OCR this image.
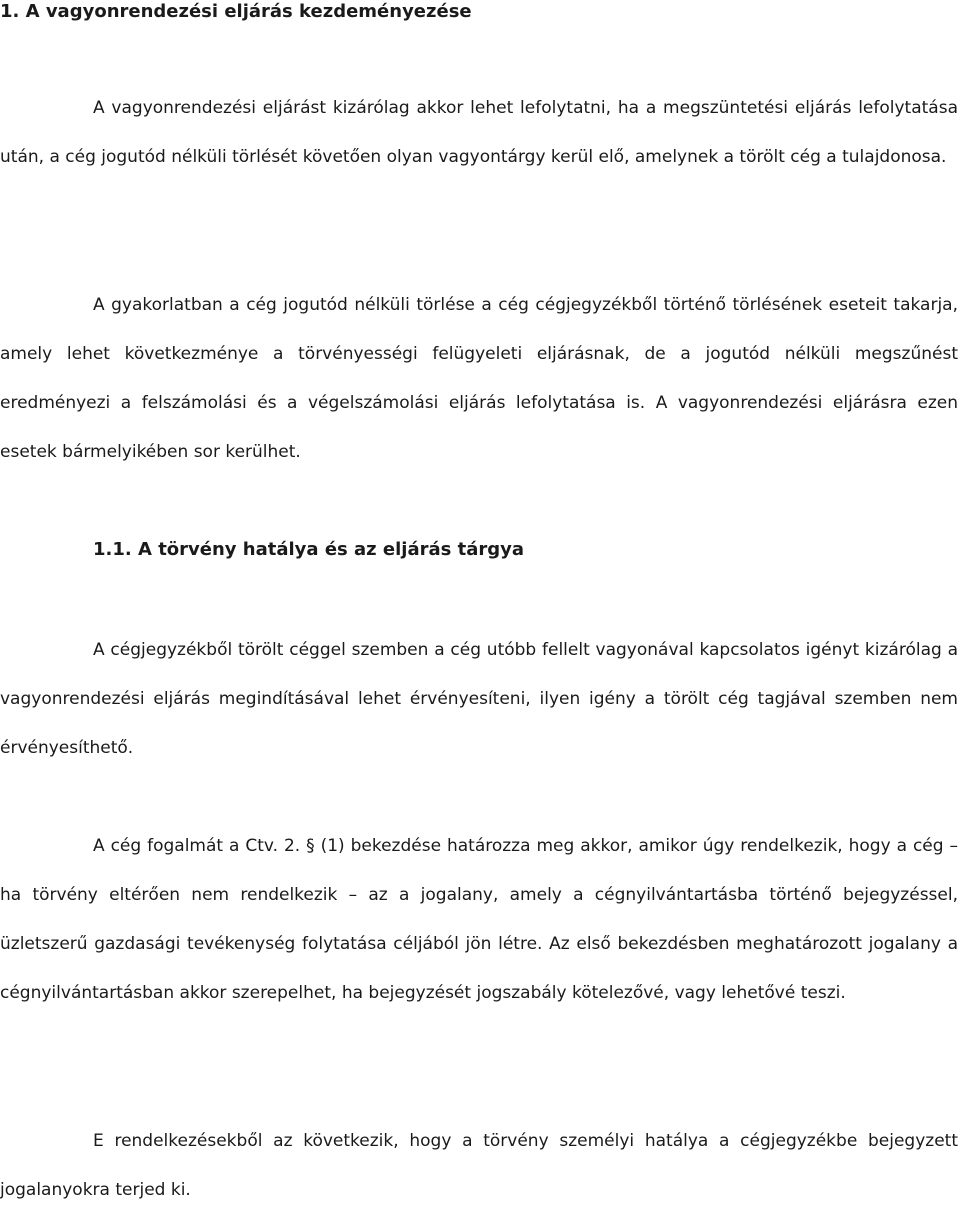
1. A vagyonrendezési eljárás kezdeményezése

A vagyonrendezési eljárást kizárólag akkor lehet lefolytatni, ha a megszüntetési eljárás lefolytatása után, a cég jogutód nélküli törlését követően olyan vagyontárgy kerül elő, amelynek a törölt cég a tulajdonosa.

A gyakorlatban a cég jogutód nélküli törlése a cég cégjegyzékből történő törlésének eseteit takarja, amely lehet következménye a törvényességi felügyeleti eljárásnak, de a jogutód nélküli megszűnést eredményezi a felszámolási és a végelszámolási eljárás lefolytatása is. A vagyonrendezési eljárásra ezen esetek bármelyikében sor kerülhet.

1.1. A törvény hatálya és az eljárás tárgya

A cégjegyzékből törölt céggel szemben a cég utóbb fellelt vagyonával kapcsolatos igényt kizárólag a vagyonrendezési eljárás megindításával lehet érvényesíteni, ilyen igény a törölt cég tagjával szemben nem érvényesíthető.

A cég fogalmát a Ctv. 2. § (1) bekezdése határozza meg akkor, amikor úgy rendelkezik, hogy a cég – ha törvény eltérően nem rendelkezik – az a jogalany, amely a cégnyilvántartásba történő bejegyzéssel, üzletszerű gazdasági tevékenység folytatása céljából jön létre. Az első bekezdésben meghatározott jogalany a cégnyilvántartásban akkor szerepelhet, ha bejegyzését jogszabály kötelezővé, vagy lehetővé teszi.

E rendelkezésekből az következik, hogy a törvény személyi hatálya a cégjegyzékbe bejegyzett jogalanyokra terjed ki.
